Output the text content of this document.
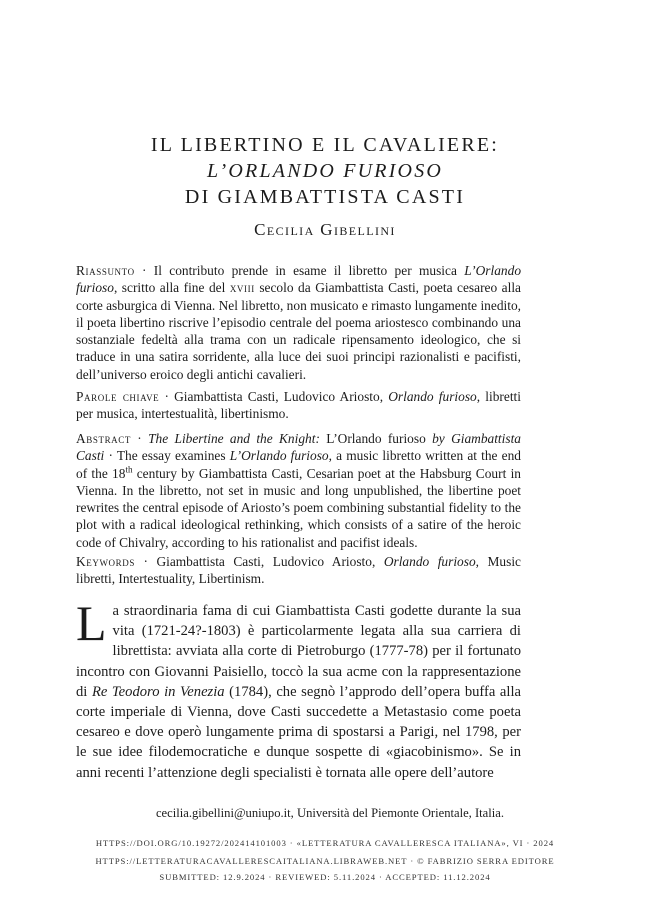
IL LIBERTINO E IL CAVALIERE:
L’ORLANDO FURIOSO
DI GIAMBATTISTA CASTI
Cecilia Gibellini

Riassunto · Il contributo prende in esame il libretto per musica L’Orlando furioso, scritto alla fine del xviii secolo da Giambattista Casti, poeta cesareo alla corte asburgica di Vienna. Nel libretto, non musicato e rimasto lungamente inedito, il poeta libertino riscrive l’episodio centrale del poema ariostesco combinando una sostanziale fedeltà alla trama con un radicale ripensamento ideologico, che si traduce in una satira sorridente, alla luce dei suoi principi razionalisti e pacifisti, dell’universo eroico degli antichi cavalieri.

Parole chiave · Giambattista Casti, Ludovico Ariosto, Orlando furioso, libretti per musica, intertestualità, libertinismo.

Abstract · The Libertine and the Knight: L’Orlando furioso by Giambattista Casti · The essay examines L’Orlando furioso, a music libretto written at the end of the 18th century by Giambattista Casti, Cesarian poet at the Habsburg Court in Vienna. In the libretto, not set in music and long unpublished, the libertine poet rewrites the central episode of Ariosto’s poem combining substantial fidelity to the plot with a radical ideological rethinking, which consists of a satire of the heroic code of Chivalry, according to his rationalist and pacifist ideals.

Keywords · Giambattista Casti, Ludovico Ariosto, Orlando furioso, Music libretti, Intertestuality, Libertinism.

La straordinaria fama di cui Giambattista Casti godette durante la sua vita (1721-24?-1803) è particolarmente legata alla sua carriera di librettista: avviata alla corte di Pietroburgo (1777-78) per il fortunato incontro con Giovanni Paisiello, toccò la sua acme con la rappresentazione di Re Teodoro in Venezia (1784), che segnò l’approdo dell’opera buffa alla corte imperiale di Vienna, dove Casti succedette a Metastasio come poeta cesareo e dove operò lungamente prima di spostarsi a Parigi, nel 1798, per le sue idee filodemocratiche e dunque sospette di «giacobinismo». Se in anni recenti l’attenzione degli specialisti è tornata alle opere dell’autore

cecilia.gibellini@uniupo.it, Università del Piemonte Orientale, Italia.
HTTPS://DOI.ORG/10.19272/202414101003 · «LETTERATURA CAVALLERESCA ITALIANA», VI · 2024
HTTPS://LETTERATURACAVALLERESCAITALIANA.LIBRAWEB.NET · © FABRIZIO SERRA EDITORE
SUBMITTED: 12.9.2024 · REVIEWED: 5.11.2024 · ACCEPTED: 11.12.2024
